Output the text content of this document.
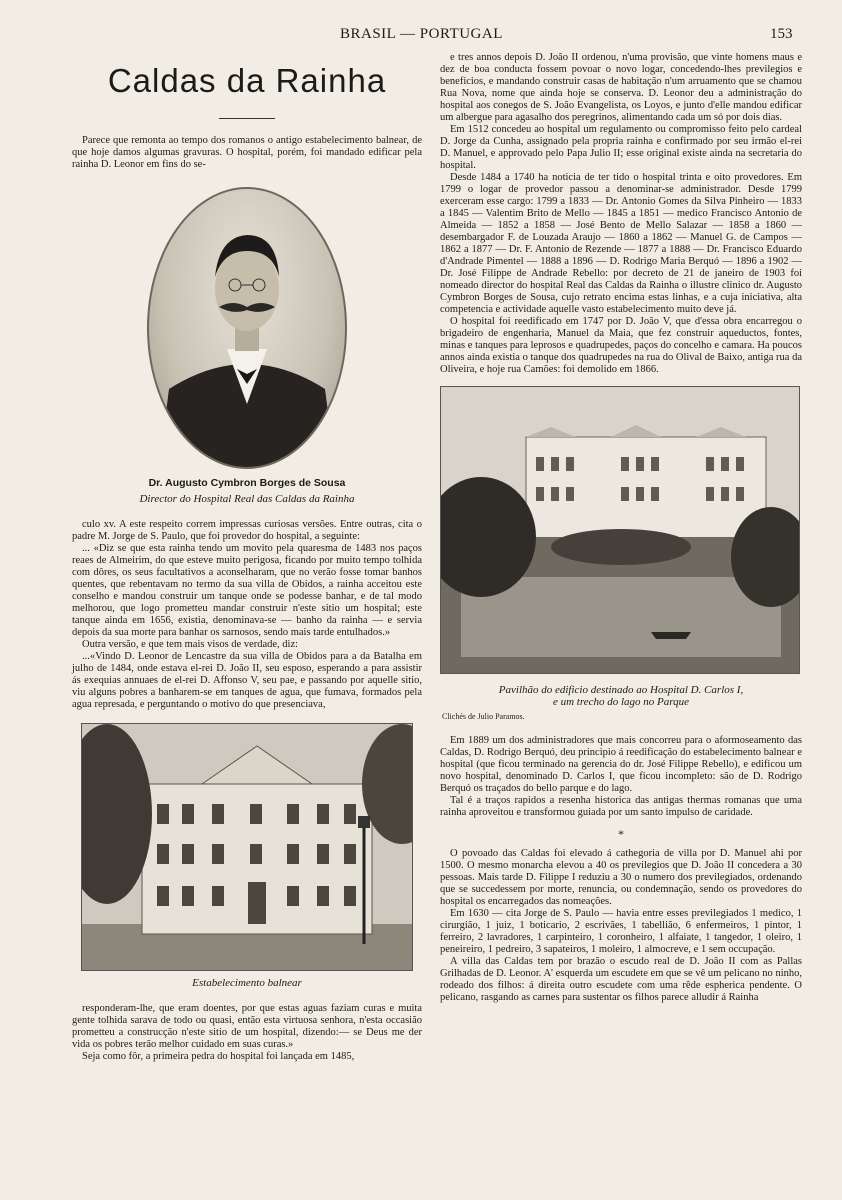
BRASIL — PORTUGAL	153
Caldas da Rainha

Parece que remonta ao tempo dos romanos o antigo estabelecimento balnear, de que hoje damos algumas gravuras. O hospital, porém, foi mandado edificar pela rainha D. Leonor em fins do se-

Dr. Augusto Cymbron Borges de Sousa
Director do Hospital Real das Caldas da Rainha

culo xv. A este respeito correm impressas curiosas versões. Entre outras, cita o padre M. Jorge de S. Paulo, que foi provedor do hospital, a seguinte:

... «Diz se que esta rainha tendo um movito pela quaresma de 1483 nos paços reaes de Almeirim, do que esteve muito perigosa, ficando por muito tempo tolhida com dôres, os seus facultativos a aconselharam, que no verão fosse tomar banhos quentes, que rebentavam no termo da sua villa de Obidos, a rainha acceitou este conselho e mandou construir um tanque onde se podesse banhar, e de tal modo melhorou, que logo prometteu mandar construir n'este sitio um hospital; este tanque ainda em 1656, existia, denominava-se — banho da rainha — e servia depois da sua morte para banhar os sarnosos, sendo mais tarde entulhados.»

Outra versão, e que tem mais visos de verdade, diz:

...«Vindo D. Leonor de Lencastre da sua villa de Obidos para a da Batalha em julho de 1484, onde estava el-rei D. João II, seu esposo, esperando a para assistir ás exequias annuaes de el-rei D. Affonso V, seu pae, e passando por aquelle sitio, viu alguns pobres a banharem-se em tanques de agua, que fumava, formados pela agua represada, e perguntando o motivo do que presenciava,

Estabelecimento balnear

responderam-lhe, que eram doentes, por que estas aguas faziam curas e muita gente tolhida sarava de todo ou quasi, então esta virtuosa senhora, n'esta occasião prometteu a construcção n'este sitio de um hospital, dizendo:— se Deus me der vida os pobres terão melhor cuidado em suas curas.»

Seja como fôr, a primeira pedra do hospital foi lançada em 1485,

e tres annos depois D. João II ordenou, n'uma provisão, que vinte homens maus e dez de boa conducta fossem povoar o novo logar, concedendo-lhes previlegios e beneficios, e mandando construir casas de habitação n'um arruamento que se chamou Rua Nova, nome que ainda hoje se conserva. D. Leonor deu a administração do hospital aos conegos de S. João Evangelista, os Loyos, e junto d'elle mandou edificar um albergue para agasalho dos peregrinos, alimentando cada um só por dois dias.

Em 1512 concedeu ao hospital um regulamento ou compromisso feito pelo cardeal D. Jorge da Cunha, assignado pela propria rainha e confirmado por seu irmão el-rei D. Manuel, e approvado pelo Papa Julio II; esse original existe ainda na secretaria do hospital.

Desde 1484 a 1740 ha noticia de ter tido o hospital trinta e oito provedores. Em 1799 o logar de provedor passou a denominar-se administrador. Desde 1799 exerceram esse cargo: 1799 a 1833 — Dr. Antonio Gomes da Silva Pinheiro — 1833 a 1845 — Valentim Brito de Mello — 1845 a 1851 — medico Francisco Antonio de Almeida — 1852 a 1858 — José Bento de Mello Salazar — 1858 a 1860 — desembargador F. de Louzada Araujo — 1860 a 1862 — Manuel G. de Campos — 1862 a 1877 — Dr. F. Antonio de Rezende — 1877 a 1888 — Dr. Francisco Eduardo d'Andrade Pimentel — 1888 a 1896 — D. Rodrigo Maria Berquó — 1896 a 1902 — Dr. José Filippe de Andrade Rebello: por decreto de 21 de janeiro de 1903 foi nomeado director do hospital Real das Caldas da Rainha o illustre clinico dr. Augusto Cymbron Borges de Sousa, cujo retrato encima estas linhas, e a cuja iniciativa, alta competencia e actividade aquelle vasto estabelecimento muito deve já.

O hospital foi reedificado em 1747 por D. João V, que d'essa obra encarregou o brigadeiro de engenharia, Manuel da Maia, que fez construir aqueductos, fontes, minas e tanques para leprosos e quadrupedes, paços do concelho e camara. Ha poucos annos ainda existia o tanque dos quadrupedes na rua do Olival de Baixo, antiga rua da Oliveira, e hoje rua Camões: foi demolido em 1866.

Pavilhão do edificio destinado ao Hospital D. Carlos I,
e um trecho do lago no Parque
Clichés de Julio Paramos.

Em 1889 um dos administradores que mais concorreu para o aformoseamento das Caldas, D. Rodrigo Berquó, deu principio á reedificação do estabelecimento balnear e hospital (que ficou terminado na gerencia do dr. José Filippe Rebello), e edificou um novo hospital, denominado D. Carlos I, que ficou incompleto: são de D. Rodrigo Berquó os traçados do bello parque e do lago.

Tal é a traços rapidos a resenha historica das antigas thermas romanas que uma rainha aproveitou e transformou guiada por um santo impulso de caridade.

*

O povoado das Caldas foi elevado á cathegoria de villa por D. Manuel ahi por 1500. O mesmo monarcha elevou a 40 os previlegios que D. João II concedera a 30 pessoas. Mais tarde D. Filippe I reduziu a 30 o numero dos previlegiados, ordenando que se succedessem por morte, renuncia, ou condemnação, sendo os provedores do hospital os encarregados das nomeações.

Em 1630 — cita Jorge de S. Paulo — havia entre esses previlegiados 1 medico, 1 cirurgião, 1 juiz, 1 boticario, 2 escrivães, 1 tabellião, 6 enfermeiros, 1 pintor, 1 ferreiro, 2 lavradores, 1 carpinteiro, 1 coronheiro, 1 alfaiate, 1 tangedor, 1 oleiro, 1 peneireiro, 1 pedreiro, 3 sapateiros, 1 moleiro, 1 almocreve, e 1 sem occupação.

A villa das Caldas tem por brazão o escudo real de D. João II com as Pallas Grilhadas de D. Leonor. A' esquerda um escudete em que se vê um pelicano no ninho, rodeado dos filhos: á direita outro escudete com uma rêde espherica pendente. O pelicano, rasgando as carnes para sustentar os filhos parece alludir á Rainha
